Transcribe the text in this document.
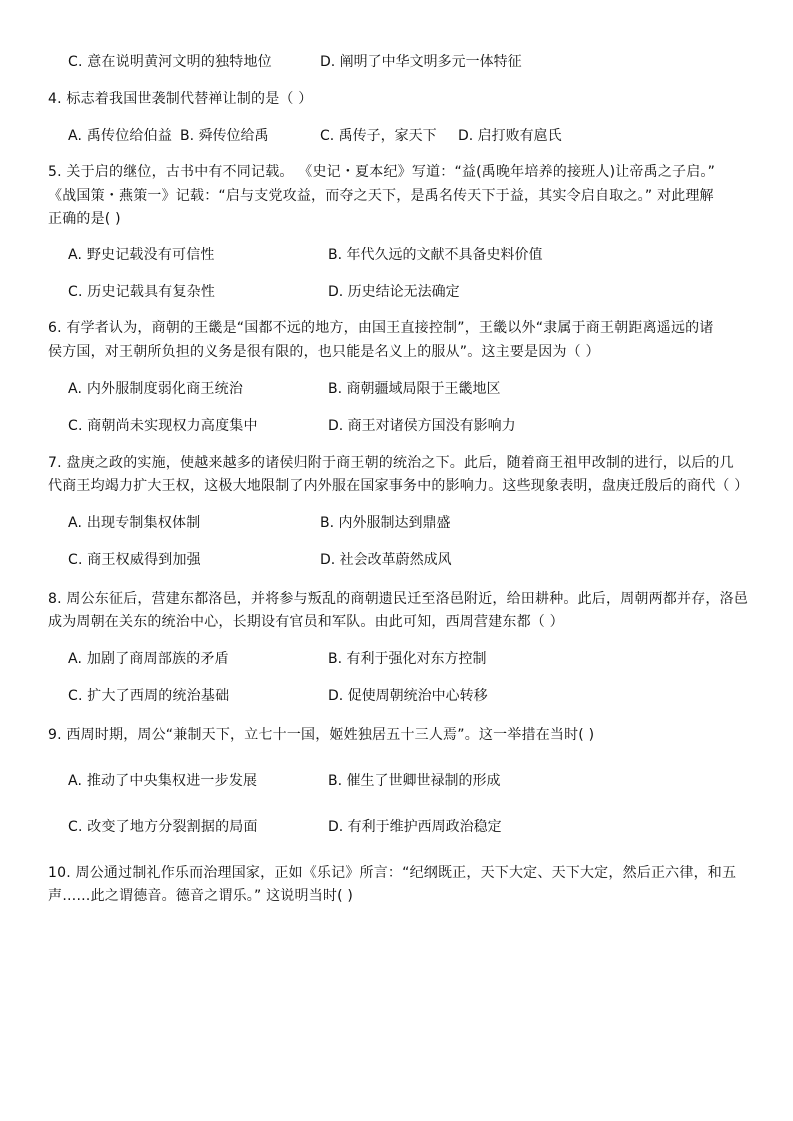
C. 意在说明黄河文明的独特地位	D. 阐明了中华文明多元一体特征
4. 标志着我国世袭制代替禅让制的是（ ）
A. 禹传位给伯益 B. 舜传位给禹	C. 禹传子，家天下 D. 启打败有扈氏
5. 关于启的继位，古书中有不同记载。 《史记・夏本纪》写道：“益(禹晚年培养的接班人)让帝禹之子启。”
《战国策・燕策一》记载：“启与支党攻益，而夺之天下，是禹名传天下于益，其实令启自取之。” 对此理解
正确的是( )
A. 野史记载没有可信性	B. 年代久远的文献不具备史料价值
C. 历史记载具有复杂性	D. 历史结论无法确定
6. 有学者认为，商朝的王畿是“国都不远的地方，由国王直接控制”，王畿以外“隶属于商王朝距离遥远的诸
侯方国，对王朝所负担的义务是很有限的，也只能是名义上的服从”。这主要是因为（ ）
A. 内外服制度弱化商王统治	B. 商朝疆域局限于王畿地区
C. 商朝尚未实现权力高度集中	D. 商王对诸侯方国没有影响力
7. 盘庚之政的实施，使越来越多的诸侯归附于商王朝的统治之下。此后，随着商王祖甲改制的进行，以后的几
代商王均竭力扩大王权，这极大地限制了内外服在国家事务中的影响力。这些现象表明，盘庚迁殷后的商代（ ）
A. 出现专制集权体制	B. 内外服制达到鼎盛
C. 商王权威得到加强	D. 社会改革蔚然成风
8. 周公东征后，营建东都洛邑，并将参与叛乱的商朝遗民迁至洛邑附近，给田耕种。此后，周朝两都并存，洛邑
成为周朝在关东的统治中心，长期设有官员和军队。由此可知，西周营建东都（ ）
A. 加剧了商周部族的矛盾	B. 有利于强化对东方控制
C. 扩大了西周的统治基础	D. 促使周朝统治中心转移
9. 西周时期，周公“兼制天下，立七十一国，姬姓独居五十三人焉”。这一举措在当时( )
A. 推动了中央集权进一步发展	B. 催生了世卿世禄制的形成
C. 改变了地方分裂割据的局面	D. 有利于维护西周政治稳定
10. 周公通过制礼作乐而治理国家，正如《乐记》所言：“纪纲既正，天下大定、天下大定，然后正六律，和五
声……此之谓德音。德音之谓乐。” 这说明当时( )
